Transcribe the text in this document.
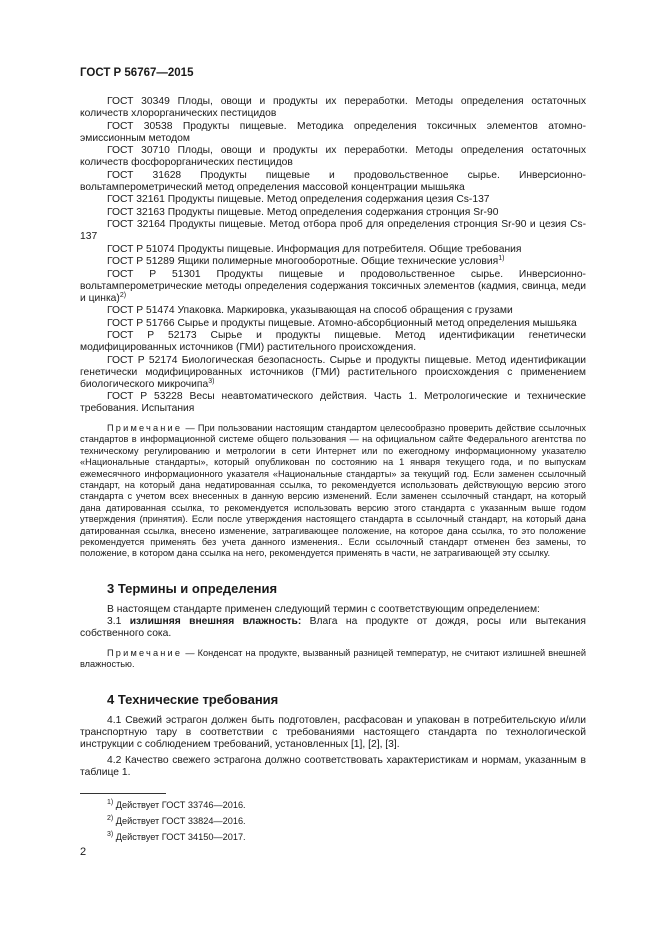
ГОСТ Р 56767—2015

ГОСТ 30349 Плоды, овощи и продукты их переработки. Методы определения остаточных количеств хлорорганических пестицидов

ГОСТ 30538 Продукты пищевые. Методика определения токсичных элементов атомно-эмиссионным методом

ГОСТ 30710 Плоды, овощи и продукты их переработки. Методы определения остаточных количеств фосфорорганических пестицидов

ГОСТ 31628 Продукты пищевые и продовольственное сырье. Инверсионно-вольтамперометрический метод определения массовой концентрации мышьяка

ГОСТ 32161 Продукты пищевые. Метод определения содержания цезия Cs-137

ГОСТ 32163 Продукты пищевые. Метод определения содержания стронция Sr-90

ГОСТ 32164 Продукты пищевые. Метод отбора проб для определения стронция Sr-90 и цезия Cs-137

ГОСТ Р 51074 Продукты пищевые. Информация для потребителя. Общие требования

ГОСТ Р 51289 Ящики полимерные многооборотные. Общие технические условия$^{1)}$

ГОСТ Р 51301 Продукты пищевые и продовольственное сырье. Инверсионно-вольтамперометрические методы определения содержания токсичных элементов (кадмия, свинца, меди и цинка)$^{2)}$

ГОСТ Р 51474 Упаковка. Маркировка, указывающая на способ обращения с грузами

ГОСТ Р 51766 Сырье и продукты пищевые. Атомно-абсорбционный метод определения мышьяка

ГОСТ Р 52173 Сырье и продукты пищевые. Метод идентификации генетически модифицированных источников (ГМИ) растительного происхождения.

ГОСТ Р 52174 Биологическая безопасность. Сырье и продукты пищевые. Метод идентификации генетически модифицированных источников (ГМИ) растительного происхождения с применением биологического микрочипа$^{3)}$

ГОСТ Р 53228 Весы неавтоматического действия. Часть 1. Метрологические и технические требования. Испытания

Примечание — При пользовании настоящим стандартом целесообразно проверить действие ссылочных стандартов в информационной системе общего пользования — на официальном сайте Федерального агентства по техническому регулированию и метрологии в сети Интернет или по ежегодному информационному указателю «Национальные стандарты», который опубликован по состоянию на 1 января текущего года, и по выпускам ежемесячного информационного указателя «Национальные стандарты» за текущий год. Если заменен ссылочный стандарт, на который дана недатированная ссылка, то рекомендуется использовать действующую версию этого стандарта с учетом всех внесенных в данную версию изменений. Если заменен ссылочный стандарт, на который дана датированная ссылка, то рекомендуется использовать версию этого стандарта с указанным выше годом утверждения (принятия). Если после утверждения настоящего стандарта в ссылочный стандарт, на который дана датированная ссылка, внесено изменение, затрагивающее положение, на которое дана ссылка, то это положение рекомендуется применять без учета данного изменения.. Если ссылочный стандарт отменен без замены, то положение, в котором дана ссылка на него, рекомендуется применять в части, не затрагивающей эту ссылку.

3 Термины и определения

В настоящем стандарте применен следующий термин с соответствующим определением:

3.1 излишняя внешняя влажность: Влага на продукте от дождя, росы или вытекания собственного сока.

Примечание — Конденсат на продукте, вызванный разницей температур, не считают излишней внешней влажностью.

4 Технические требования

4.1 Свежий эстрагон должен быть подготовлен, расфасован и упакован в потребительскую и/или транспортную тару в соответствии с требованиями настоящего стандарта по технологической инструкции с соблюдением требований, установленных [1], [2], [3].

4.2 Качество свежего эстрагона должно соответствовать характеристикам и нормам, указанным в таблице 1.

$^{1)}$ Действует ГОСТ 33746—2016.

$^{2)}$ Действует ГОСТ 33824—2016.

$^{3)}$ Действует ГОСТ 34150—2017.

2
